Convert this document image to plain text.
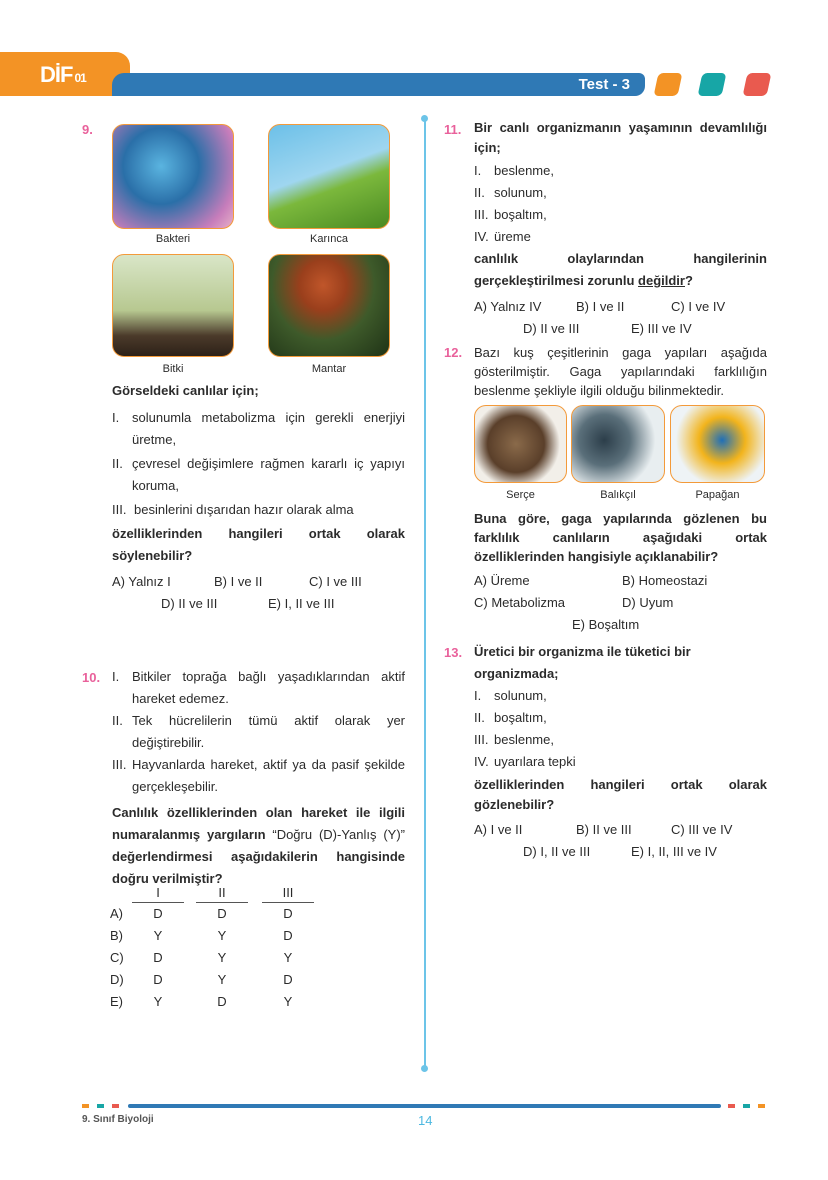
DİF 01	Test - 3
9.
Bakteri	Karınca
Bitki	Mantar
Görseldeki canlılar için;
I. solunumla metabolizma için gerekli enerjiyi üretme,
II. çevresel değişimlere rağmen kararlı iç yapıyı koruma,
III. besinlerini dışarıdan hazır olarak alma
özelliklerinden hangileri ortak olarak söylenebilir?
A) Yalnız I	B) I ve II	C) I ve III
D) II ve III	E) I, II ve III
10. I. Bitkiler toprağa bağlı yaşadıklarından aktif hareket edemez.
II. Tek hücrelilerin tümü aktif olarak yer değiştirebilir.
III. Hayvanlarda hareket, aktif ya da pasif şekilde gerçekleşebilir.
Canlılık özelliklerinden olan hareket ile ilgili numaralanmış yargıların “Doğru (D)-Yanlış (Y)” değerlendirmesi aşağıdakilerin hangisinde doğru verilmiştir?
	I		II		III
A)	D		D		D
B)	Y		Y		D
C)	D		Y		Y
D)	D		Y		D
E)	Y		D		Y
11. Bir canlı organizmanın yaşamının devamlılığı için;
I. beslenme,
II. solunum,
III. boşaltım,
IV. üreme
canlılık olaylarından hangilerinin gerçekleştirilmesi zorunlu değildir?
A) Yalnız IV	B) I ve II	C) I ve IV
D) II ve III	E) III ve IV
12. Bazı kuş çeşitlerinin gaga yapıları aşağıda gösterilmiştir. Gaga yapılarındaki farklılığın beslenme şekliyle ilgili olduğu bilinmektedir.
Serçe	Balıkçıl	Papağan
Buna göre, gaga yapılarında gözlenen bu farklılık canlıların aşağıdaki ortak özelliklerinden hangisiyle açıklanabilir?
A) Üreme	B) Homeostazi
C) Metabolizma	D) Uyum
E) Boşaltım
13. Üretici bir organizma ile tüketici bir organizmada;
I. solunum,
II. boşaltım,
III. beslenme,
IV. uyarılara tepki
özelliklerinden hangileri ortak olarak gözlenebilir?
A) I ve II	B) II ve III	C) III ve IV
D) I, II ve III	E) I, II, III ve IV
9. Sınıf Biyoloji	14
